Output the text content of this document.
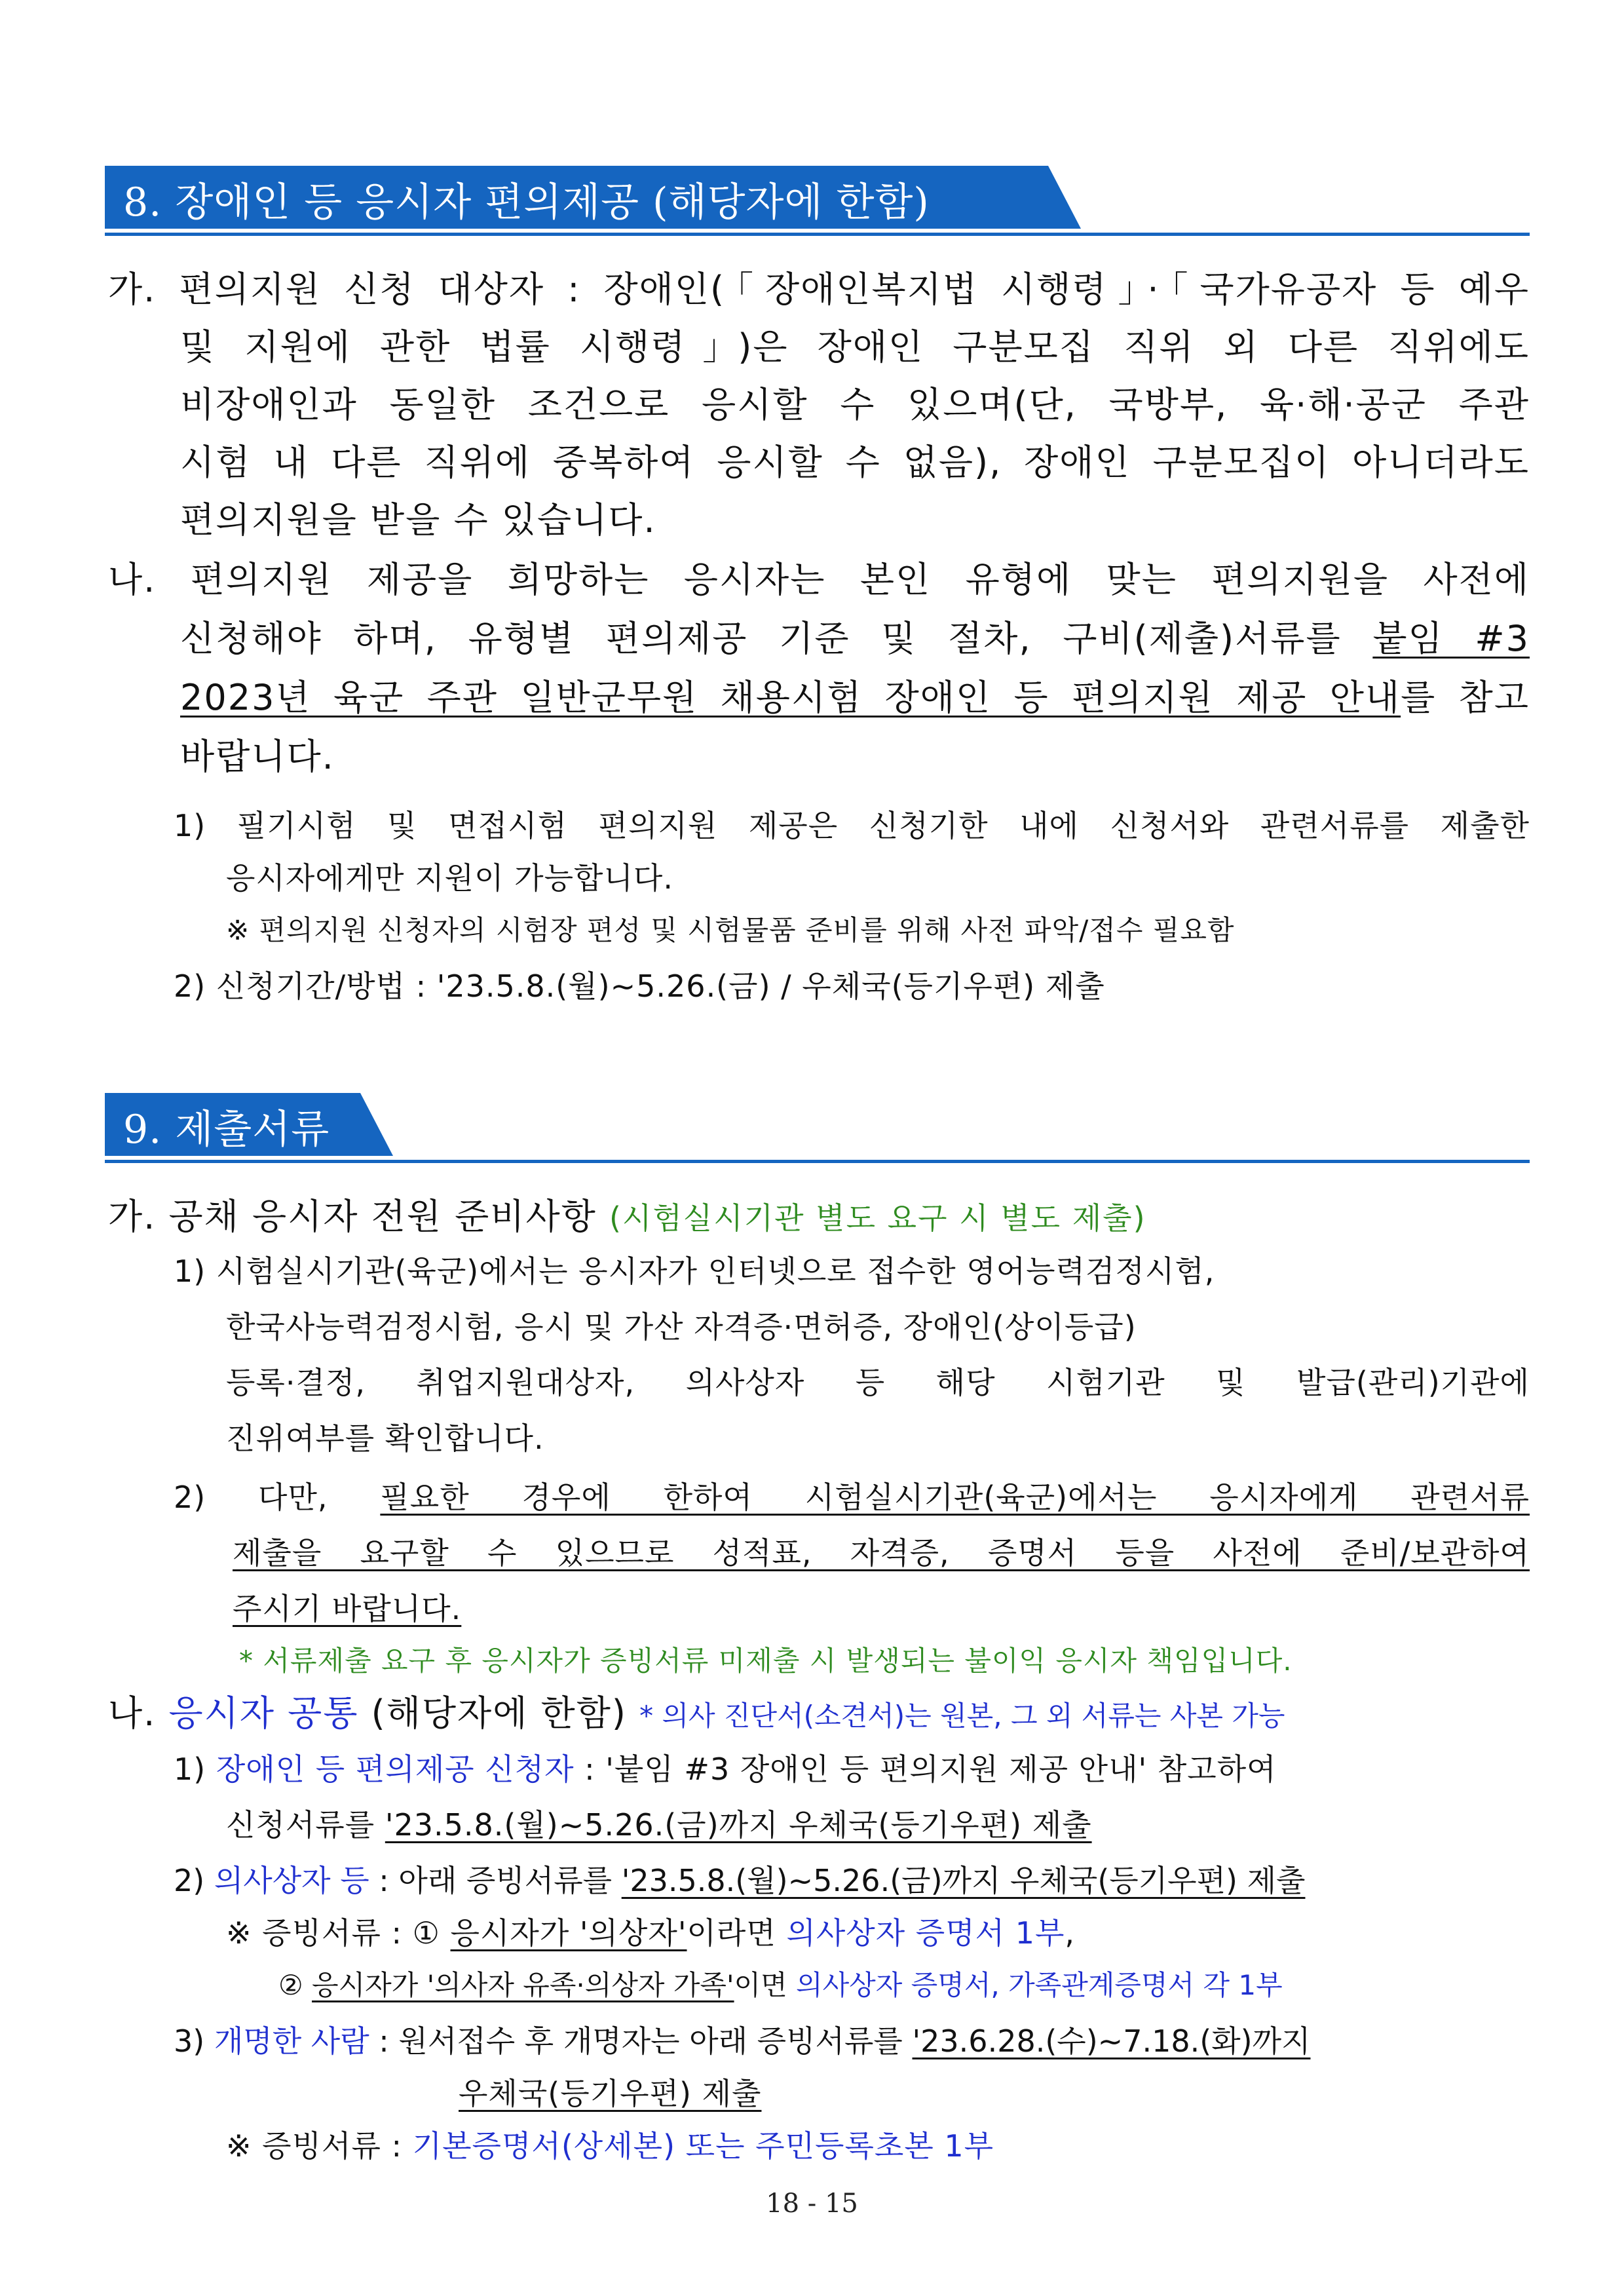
8. 장애인 등 응시자 편의제공 (해당자에 한함)
가. 편의지원 신청 대상자 : 장애인(「장애인복지법 시행령」·「국가유공자 등 예우
및 지원에 관한 법률 시행령」)은 장애인 구분모집 직위 외 다른 직위에도
비장애인과 동일한 조건으로 응시할 수 있으며(단, 국방부, 육·해·공군 주관
시험 내 다른 직위에 중복하여 응시할 수 없음), 장애인 구분모집이 아니더라도
편의지원을 받을 수 있습니다.
나. 편의지원 제공을 희망하는 응시자는 본인 유형에 맞는 편의지원을 사전에
신청해야 하며, 유형별 편의제공 기준 및 절차, 구비(제출)서류를 붙임 #3
2023년 육군 주관 일반군무원 채용시험 장애인 등 편의지원 제공 안내를 참고
바랍니다.
1) 필기시험 및 면접시험 편의지원 제공은 신청기한 내에 신청서와 관련서류를 제출한
응시자에게만 지원이 가능합니다.
※ 편의지원 신청자의 시험장 편성 및 시험물품 준비를 위해 사전 파악/접수 필요함
2) 신청기간/방법 : '23.5.8.(월)~5.26.(금) / 우체국(등기우편) 제출
9. 제출서류
가. 공채 응시자 전원 준비사항 (시험실시기관 별도 요구 시 별도 제출)
1) 시험실시기관(육군)에서는 응시자가 인터넷으로 접수한 영어능력검정시험,
한국사능력검정시험, 응시 및 가산 자격증·면허증, 장애인(상이등급)
등록·결정, 취업지원대상자, 의사상자 등 해당 시험기관 및 발급(관리)기관에
진위여부를 확인합니다.
2) 다만, 필요한 경우에 한하여 시험실시기관(육군)에서는 응시자에게 관련서류
제출을 요구할 수 있으므로 성적표, 자격증, 증명서 등을 사전에 준비/보관하여
주시기 바랍니다.
* 서류제출 요구 후 응시자가 증빙서류 미제출 시 발생되는 불이익 응시자 책임입니다.
나. 응시자 공통 (해당자에 한함) * 의사 진단서(소견서)는 원본, 그 외 서류는 사본 가능
1) 장애인 등 편의제공 신청자 : '붙임 #3 장애인 등 편의지원 제공 안내' 참고하여
신청서류를 '23.5.8.(월)~5.26.(금)까지 우체국(등기우편) 제출
2) 의사상자 등 : 아래 증빙서류를 '23.5.8.(월)~5.26.(금)까지 우체국(등기우편) 제출
※ 증빙서류 : ① 응시자가 '의상자'이라면 의사상자 증명서 1부,
② 응시자가 '의사자 유족·의상자 가족'이면 의사상자 증명서, 가족관계증명서 각 1부
3) 개명한 사람 : 원서접수 후 개명자는 아래 증빙서류를 '23.6.28.(수)~7.18.(화)까지
우체국(등기우편) 제출
※ 증빙서류 : 기본증명서(상세본) 또는 주민등록초본 1부
18 - 15
